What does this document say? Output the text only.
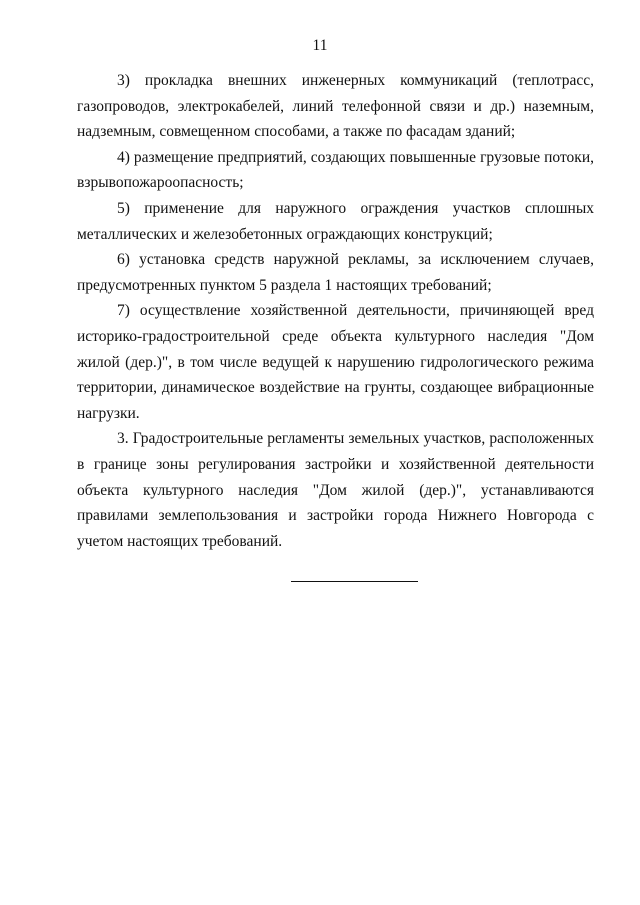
11

3) прокладка внешних инженерных коммуникаций (теплотрасс, газопроводов, электрокабелей, линий телефонной связи и др.) наземным, надземным, совмещенном способами, а также по фасадам зданий;

4) размещение предприятий, создающих повышенные грузовые потоки, взрывопожароопасность;

5) применение для наружного ограждения участков сплошных металлических и железобетонных ограждающих конструкций;

6) установка средств наружной рекламы, за исключением случаев, предусмотренных пунктом 5 раздела 1 настоящих требований;

7) осуществление хозяйственной деятельности, причиняющей вред историко-градостроительной среде объекта культурного наследия "Дом жилой (дер.)", в том числе ведущей к нарушению гидрологического режима территории, динамическое воздействие на грунты, создающее вибрационные нагрузки.

3. Градостроительные регламенты земельных участков, расположенных в границе зоны регулирования застройки и хозяйственной деятельности объекта культурного наследия "Дом жилой (дер.)", устанавливаются правилами землепользования и застройки города Нижнего Новгорода с учетом настоящих требований.
